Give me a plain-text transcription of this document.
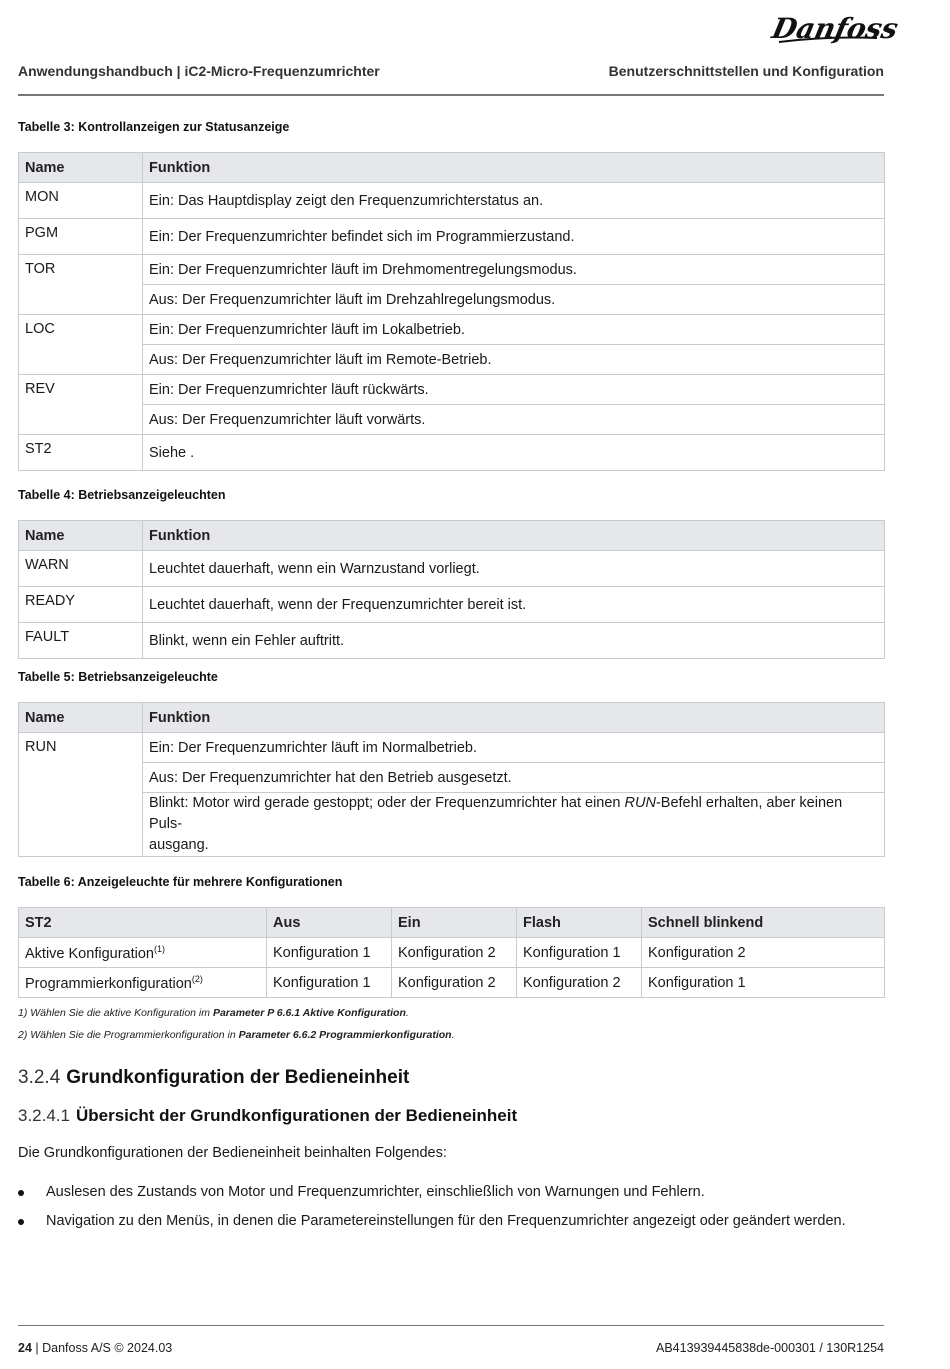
Danfoss
Anwendungshandbuch | iC2-Micro-Frequenzumrichter	Benutzerschnittstellen und Konfiguration
Tabelle 3: Kontrollanzeigen zur Statusanzeige
Name	Funktion
MON	Ein: Das Hauptdisplay zeigt den Frequenzumrichterstatus an.
PGM	Ein: Der Frequenzumrichter befindet sich im Programmierzustand.
TOR	Ein: Der Frequenzumrichter läuft im Drehmomentregelungsmodus.
	Aus: Der Frequenzumrichter läuft im Drehzahlregelungsmodus.
LOC	Ein: Der Frequenzumrichter läuft im Lokalbetrieb.
	Aus: Der Frequenzumrichter läuft im Remote-Betrieb.
REV	Ein: Der Frequenzumrichter läuft rückwärts.
	Aus: Der Frequenzumrichter läuft vorwärts.
ST2	Siehe .
Tabelle 4: Betriebsanzeigeleuchten
Name	Funktion
WARN	Leuchtet dauerhaft, wenn ein Warnzustand vorliegt.
READY	Leuchtet dauerhaft, wenn der Frequenzumrichter bereit ist.
FAULT	Blinkt, wenn ein Fehler auftritt.
Tabelle 5: Betriebsanzeigeleuchte
Name	Funktion
RUN	Ein: Der Frequenzumrichter läuft im Normalbetrieb.
	Aus: Der Frequenzumrichter hat den Betrieb ausgesetzt.
	Blinkt: Motor wird gerade gestoppt; oder der Frequenzumrichter hat einen RUN-Befehl erhalten, aber keinen Puls-
ausgang.
Tabelle 6: Anzeigeleuchte für mehrere Konfigurationen
ST2	Aus	Ein	Flash	Schnell blinkend
Aktive Konfiguration$^{(1)}$	Konfiguration 1	Konfiguration 2	Konfiguration 1	Konfiguration 2
Programmierkonfiguration$^{(2)}$	Konfiguration 1	Konfiguration 2	Konfiguration 2	Konfiguration 1
1) Wählen Sie die aktive Konfiguration im Parameter P 6.6.1 Aktive Konfiguration.
2) Wählen Sie die Programmierkonfiguration in Parameter 6.6.2 Programmierkonfiguration.
3.2.4 Grundkonfiguration der Bedieneinheit
3.2.4.1 Übersicht der Grundkonfigurationen der Bedieneinheit
Die Grundkonfigurationen der Bedieneinheit beinhalten Folgendes:
Auslesen des Zustands von Motor und Frequenzumrichter, einschließlich von Warnungen und Fehlern.
Navigation zu den Menüs, in denen die Parametereinstellungen für den Frequenzumrichter angezeigt oder geändert werden.
24 | Danfoss A/S © 2024.03	AB413939445838de-000301 / 130R1254
